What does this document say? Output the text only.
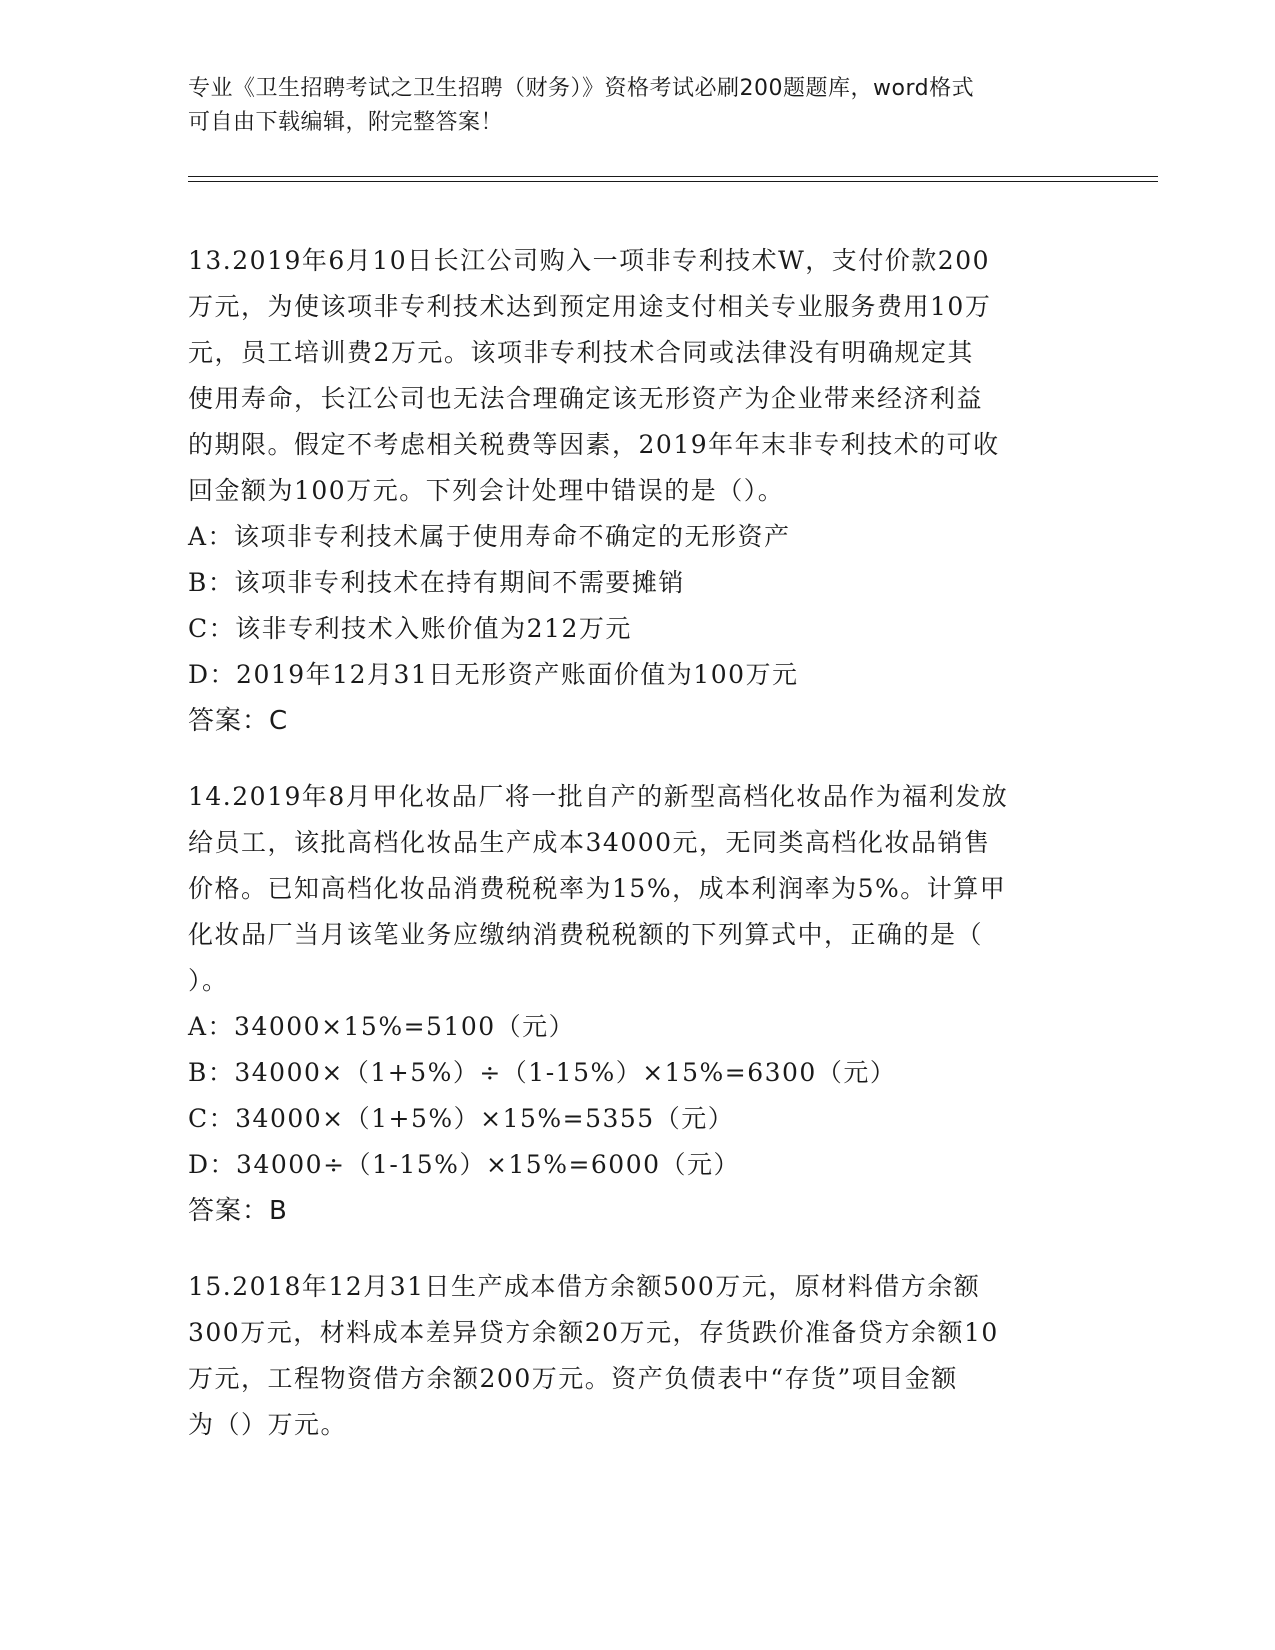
专业《卫生招聘考试之卫生招聘（财务）》资格考试必刷200题题库，word格式
可自由下载编辑，附完整答案！
13.2019年6月10日长江公司购入一项非专利技术W，支付价款200
万元，为使该项非专利技术达到预定用途支付相关专业服务费用10万
元，员工培训费2万元。该项非专利技术合同或法律没有明确规定其
使用寿命，长江公司也无法合理确定该无形资产为企业带来经济利益
的期限。假定不考虑相关税费等因素，2019年年末非专利技术的可收
回金额为100万元。下列会计处理中错误的是（）。
A：该项非专利技术属于使用寿命不确定的无形资产
B：该项非专利技术在持有期间不需要摊销
C：该非专利技术入账价值为212万元
D：2019年12月31日无形资产账面价值为100万元
答案：C
14.2019年8月甲化妆品厂将一批自产的新型高档化妆品作为福利发放
给员工，该批高档化妆品生产成本34000元，无同类高档化妆品销售
价格。已知高档化妆品消费税税率为15%，成本利润率为5%。计算甲
化妆品厂当月该笔业务应缴纳消费税税额的下列算式中，正确的是（
）。
A：34000×15%=5100（元）
B：34000×（1+5%）÷（1-15%）×15%=6300（元）
C：34000×（1+5%）×15%=5355（元）
D：34000÷（1-15%）×15%=6000（元）
答案：B
15.2018年12月31日生产成本借方余额500万元，原材料借方余额
300万元，材料成本差异贷方余额20万元，存货跌价准备贷方余额10
万元，工程物资借方余额200万元。资产负债表中“存货”项目金额
为（）万元。
